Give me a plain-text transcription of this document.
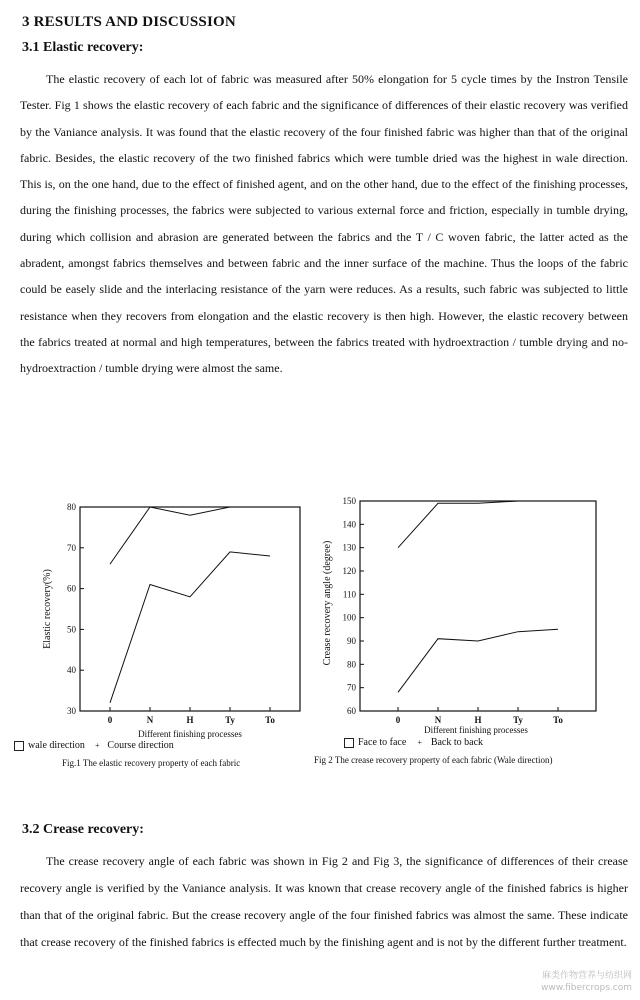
3 RESULTS AND DISCUSSION
3.1 Elastic recovery:

The elastic recovery of each lot of fabric was measured after 50% elongation for 5 cycle times by the Instron Tensile Tester. Fig 1 shows the elastic recovery of each fabric and the significance of differences of their elastic recovery was verified by the Vaniance analysis. It was found that the elastic recovery of the four finished fabric was higher than that of the original fabric. Besides, the elastic recovery of the two finished fabrics which were tumble dried was the highest in wale direction. This is, on the one hand, due to the effect of finished agent, and on the other hand, due to the effect of the finishing processes, during the finishing processes, the fabrics were subjected to various external force and friction, especially in tumble drying, during which collision and abrasion are generated between the fabrics and the T / C woven fabric, the latter acted as the abradent, amongst fabrics themselves and between fabric and the inner surface of the machine. Thus the loops of the fabric could be easely slide and the interlacing resistance of the yarn were reduces. As a results, such fabric was subjected to little resistance when they recovers from elongation and the elastic recovery is then high. However, the elastic recovery between the fabrics treated at normal and high temperatures, between the fabrics treated with hydroextraction / tumble drying and no-hydroextraction / tumble drying were almost the same.

30
40
50
60
70
80
0	N	H	Ty	To
Elastic recovery(%)
Different finishing processes
wale direction + Course direction
Fig.1 The elastic recovery property of each fabric
60
70
80
90
100
110
120
130
140
150
0	N	H	Ty	To
Crease recovery angle (degree)
Different finishing processes
Face to face + Back to back
Fig 2 The crease recovery property of each fabric (Wale direction)
3.2 Crease recovery:

The crease recovery angle of each fabric was shown in Fig 2 and Fig 3, the significance of differences of their crease recovery angle is verified by the Vaniance analysis. It was known that crease recovery angle of the finished fabrics is higher than that of the original fabric. But the crease recovery angle of the four finished fabrics was almost the same. These indicate that crease recovery of the finished fabrics is effected much by the finishing agent and is not by the different further treatment.

麻类作物营养与纺织网
www.fibercrops.com
